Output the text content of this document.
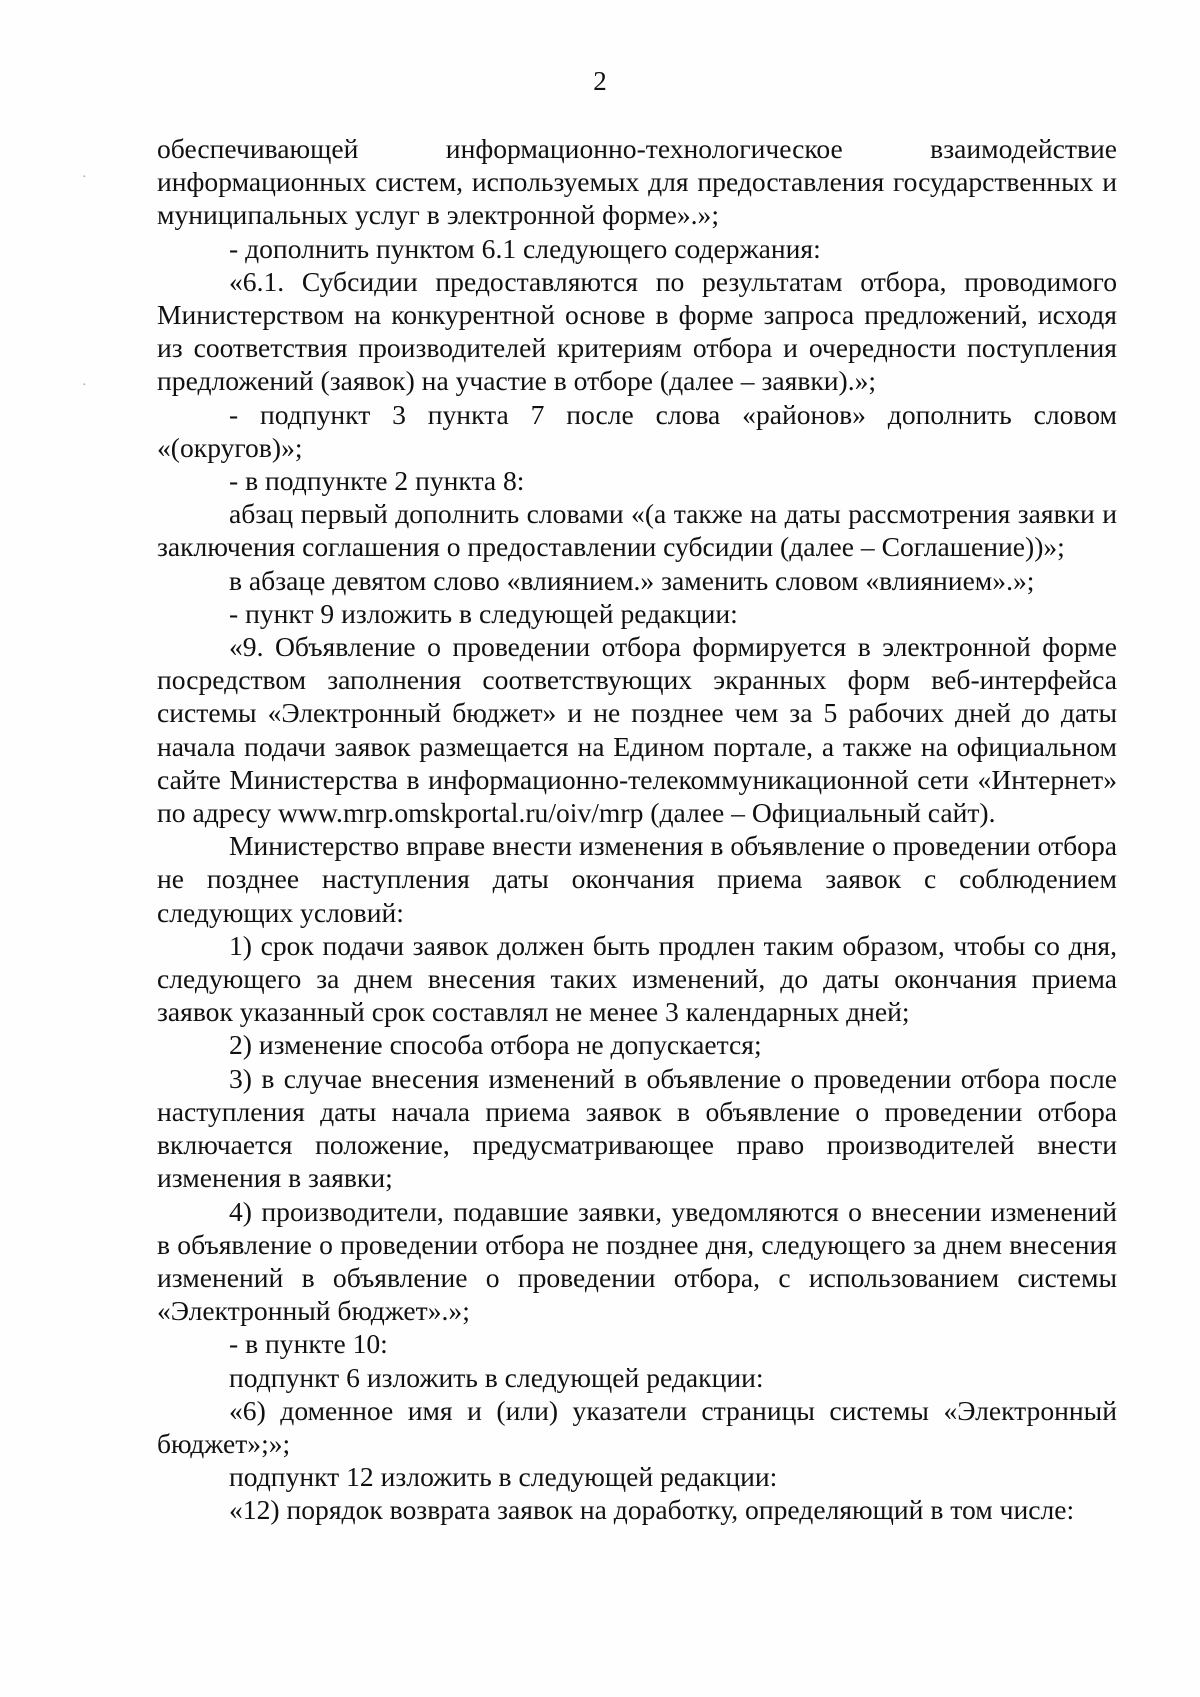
2
·
·

обеспечивающей информационно-технологическое взаимодействие информационных систем, используемых для предоставления государственных и муниципальных услуг в электронной форме».»;

- дополнить пунктом 6.1 следующего содержания:

«6.1. Субсидии предоставляются по результатам отбора, проводимого Министерством на конкурентной основе в форме запроса предложений, исходя из соответствия производителей критериям отбора и очередности поступления предложений (заявок) на участие в отборе (далее – заявки).»;

- подпункт 3 пункта 7 после слова «районов» дополнить словом «(округов)»;

- в подпункте 2 пункта 8:

абзац первый дополнить словами «(а также на даты рассмотрения заявки и заключения соглашения о предоставлении субсидии (далее – Соглашение))»;

в абзаце девятом слово «влиянием.» заменить словом «влиянием».»;

- пункт 9 изложить в следующей редакции:

«9. Объявление о проведении отбора формируется в электронной форме посредством заполнения соответствующих экранных форм веб-интерфейса системы «Электронный бюджет» и не позднее чем за 5 рабочих дней до даты начала подачи заявок размещается на Едином портале, а также на официальном сайте Министерства в информационно-телекоммуникационной сети «Интернет» по адресу www.mrp.omskportal.ru/oiv/mrp (далее – Официальный сайт).

Министерство вправе внести изменения в объявление о проведении отбора не позднее наступления даты окончания приема заявок с соблюдением следующих условий:

1) срок подачи заявок должен быть продлен таким образом, чтобы со дня, следующего за днем внесения таких изменений, до даты окончания приема заявок указанный срок составлял не менее 3 календарных дней;

2) изменение способа отбора не допускается;

3) в случае внесения изменений в объявление о проведении отбора после наступления даты начала приема заявок в объявление о проведении отбора включается положение, предусматривающее право производителей внести изменения в заявки;

4) производители, подавшие заявки, уведомляются о внесении изменений в объявление о проведении отбора не позднее дня, следующего за днем внесения изменений в объявление о проведении отбора, с использованием системы «Электронный бюджет».»;

- в пункте 10:

подпункт 6 изложить в следующей редакции:

«6) доменное имя и (или) указатели страницы системы «Электронный бюджет»;»;

подпункт 12 изложить в следующей редакции:

«12) порядок возврата заявок на доработку, определяющий в том числе:
